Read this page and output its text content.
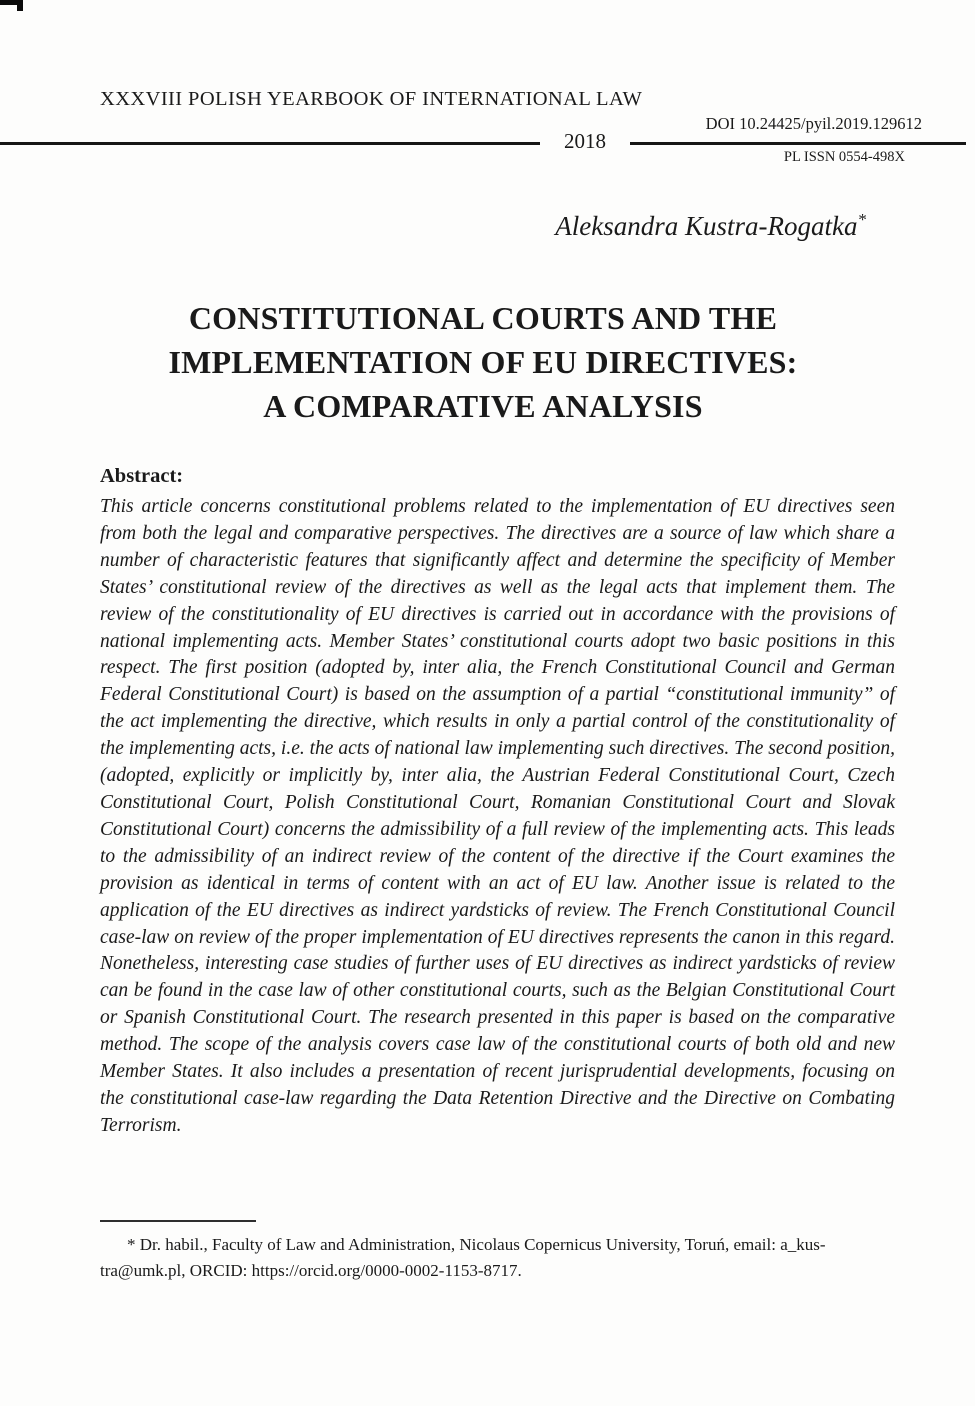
XXXVIII POLISH YEARBOOK OF INTERNATIONAL LAW
2018
DOI 10.24425/pyil.2019.129612
PL ISSN 0554-498X
Aleksandra Kustra-Rogatka*
CONSTITUTIONAL COURTS AND THE
IMPLEMENTATION OF EU DIRECTIVES:
A COMPARATIVE ANALYSIS
Abstract:
This article concerns constitutional problems related to the implementation of EU directives seen from both the legal and comparative perspectives. The directives are a source of law which share a number of characteristic features that significantly affect and determine the specificity of Member States’ constitutional review of the directives as well as the legal acts that implement them. The review of the constitutionality of EU directives is carried out in accordance with the provisions of national implementing acts. Member States’ constitutional courts adopt two basic positions in this respect. The first position (adopted by, inter alia, the French Constitutional Council and German Federal Constitutional Court) is based on the assumption of a partial “constitutional immunity” of the act implementing the directive, which results in only a partial control of the constitutionality of the implementing acts, i.e. the acts of national law implementing such directives. The second position, (adopted, explicitly or implicitly by, inter alia, the Austrian Federal Constitutional Court, Czech Constitutional Court, Polish Constitutional Court, Romanian Constitutional Court and Slovak Constitutional Court) concerns the admissibility of a full review of the implementing acts. This leads to the admissibility of an indirect review of the content of the directive if the Court examines the provision as identical in terms of content with an act of EU law. Another issue is related to the application of the EU directives as indirect yardsticks of review. The French Constitutional Council case-law on review of the proper implementation of EU directives represents the canon in this regard. Nonetheless, interesting case studies of further uses of EU directives as indirect yardsticks of review can be found in the case law of other constitutional courts, such as the Belgian Constitutional Court or Spanish Constitutional Court. The research presented in this paper is based on the comparative method. The scope of the analysis covers case law of the constitutional courts of both old and new Member States. It also includes a presentation of recent jurisprudential developments, focusing on the constitutional case-law regarding the Data Retention Directive and the Directive on Combating Terrorism.
* Dr. habil., Faculty of Law and Administration, Nicolaus Copernicus University, Toruń, email: a_kus-
tra@umk.pl, ORCID: https://orcid.org/0000-0002-1153-8717.
